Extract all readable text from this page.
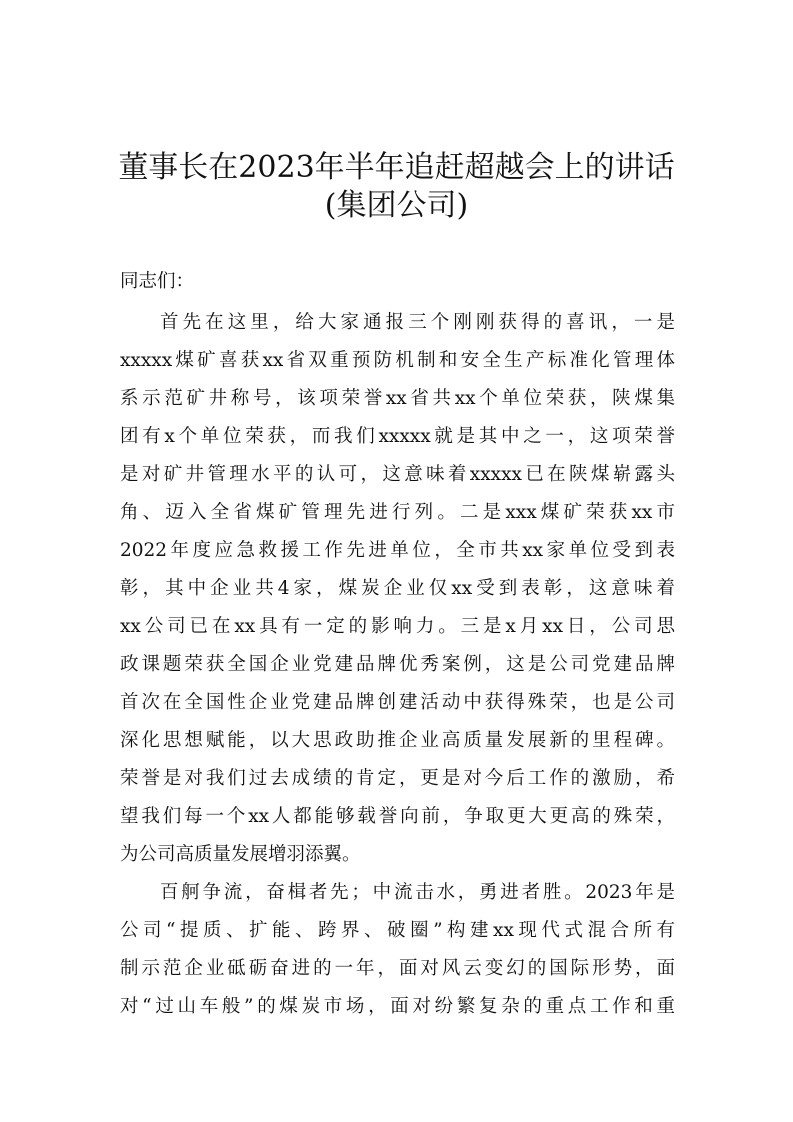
董事长在2023年半年追赶超越会上的讲话
(集团公司)
同志们：
首先在这里，给大家通报三个刚刚获得的喜讯，一是
xxxxx煤矿喜获xx省双重预防机制和安全生产标准化管理体
系示范矿井称号，该项荣誉xx省共xx个单位荣获，陕煤集
团有x个单位荣获，而我们xxxxx就是其中之一，这项荣誉
是对矿井管理水平的认可，这意味着xxxxx已在陕煤崭露头
角、迈入全省煤矿管理先进行列。二是xxx煤矿荣获xx市
2022年度应急救援工作先进单位，全市共xx家单位受到表
彰，其中企业共4家，煤炭企业仅xx受到表彰，这意味着
xx公司已在xx具有一定的影响力。三是x月xx日，公司思
政课题荣获全国企业党建品牌优秀案例，这是公司党建品牌
首次在全国性企业党建品牌创建活动中获得殊荣，也是公司
深化思想赋能，以大思政助推企业高质量发展新的里程碑。
荣誉是对我们过去成绩的肯定，更是对今后工作的激励，希
望我们每一个xx人都能够载誉向前，争取更大更高的殊荣，
为公司高质量发展增羽添翼。
百舸争流，奋楫者先；中流击水，勇进者胜。2023年是
公司“提质、扩能、跨界、破圈”构建xx现代式混合所有
制示范企业砥砺奋进的一年，面对风云变幻的国际形势，面
对“过山车般”的煤炭市场，面对纷繁复杂的重点工作和重
